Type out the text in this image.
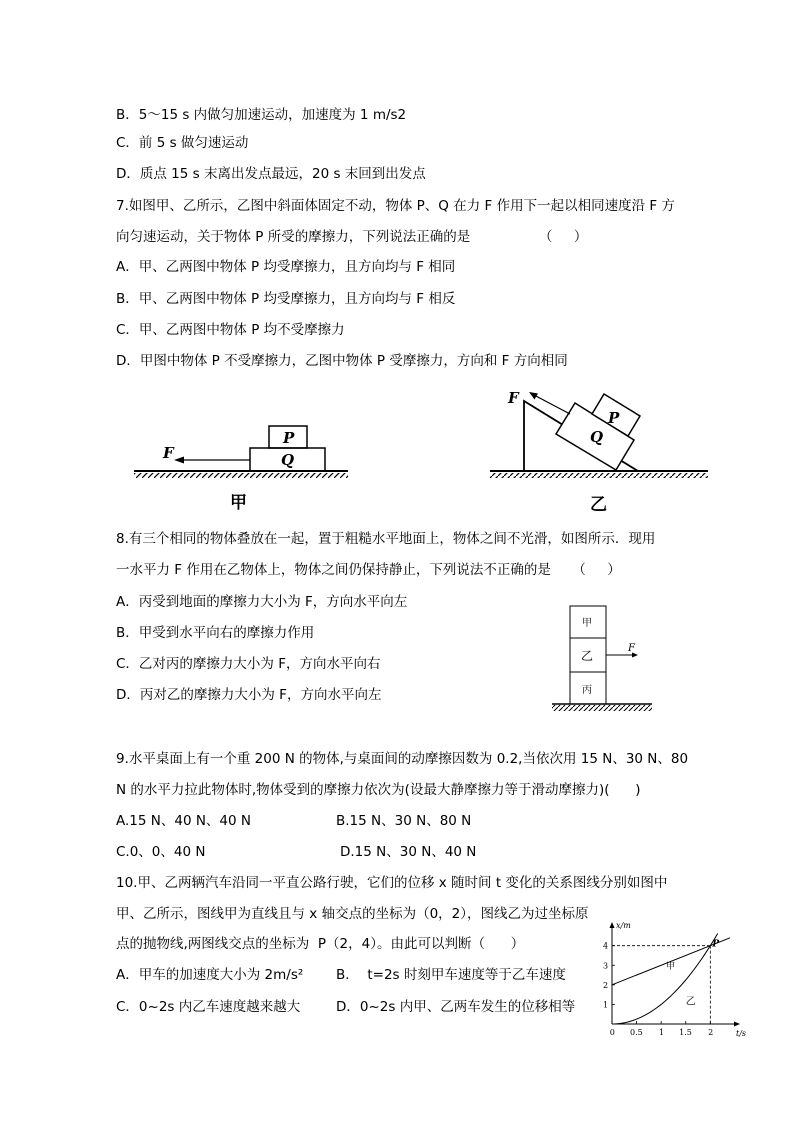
B．5～15 s 内做匀加速运动，加速度为 1 m/s2
C．前 5 s 做匀速运动
D．质点 15 s 末离出发点最远，20 s 末回到出发点
7.如图甲、乙所示，乙图中斜面体固定不动，物体 P、Q 在力 F 作用下一起以相同速度沿 F 方
向匀速运动，关于物体 P 所受的摩擦力，下列说法正确的是                （     ）
A．甲、乙两图中物体 P 均受摩擦力，且方向均与 F 相同
B．甲、乙两图中物体 P 均受摩擦力，且方向均与 F 相反
C．甲、乙两图中物体 P 均不受摩擦力
D．甲图中物体 P 不受摩擦力，乙图中物体 P 受摩擦力，方向和 F 方向相同
P
Q
F
甲
P
Q
F
乙
8.有三个相同的物体叠放在一起，置于粗糙水平地面上，物体之间不光滑，如图所示．现用
一水平力 F 作用在乙物体上，物体之间仍保持静止，下列说法不正确的是     （     ）
A．丙受到地面的摩擦力大小为 F，方向水平向左
B．甲受到水平向右的摩擦力作用
C．乙对丙的摩擦力大小为 F，方向水平向右
D．丙对乙的摩擦力大小为 F，方向水平向左
甲
乙
丙
F
9.水平桌面上有一个重 200 N 的物体,与桌面间的动摩擦因数为 0.2,当依次用 15 N、30 N、80
N 的水平力拉此物体时,物体受到的摩擦力依次为(设最大静摩擦力等于滑动摩擦力)(      )
A.15 N、40 N、40 N	B.15 N、30 N、80 N
C.0、0、40 N	D.15 N、30 N、40 N
10.甲、乙两辆汽车沿同一平直公路行驶，它们的位移 x 随时间 t 变化的关系图线分别如图中
甲、乙所示，图线甲为直线且与 x 轴交点的坐标为（0，2），图线乙为过坐标原
点的抛物线,两图线交点的坐标为  P（2，4）。由此可以判断（      ）
A．甲车的加速度大小为 2m/s² B．  t=2s 时刻甲车速度等于乙车速度
C．0~2s 内乙车速度越来越大	D．0~2s 内甲、乙两车发生的位移相等
x/m
t/s
0 0.5 1 1.5 2
1
2
3
4	P
甲
乙
